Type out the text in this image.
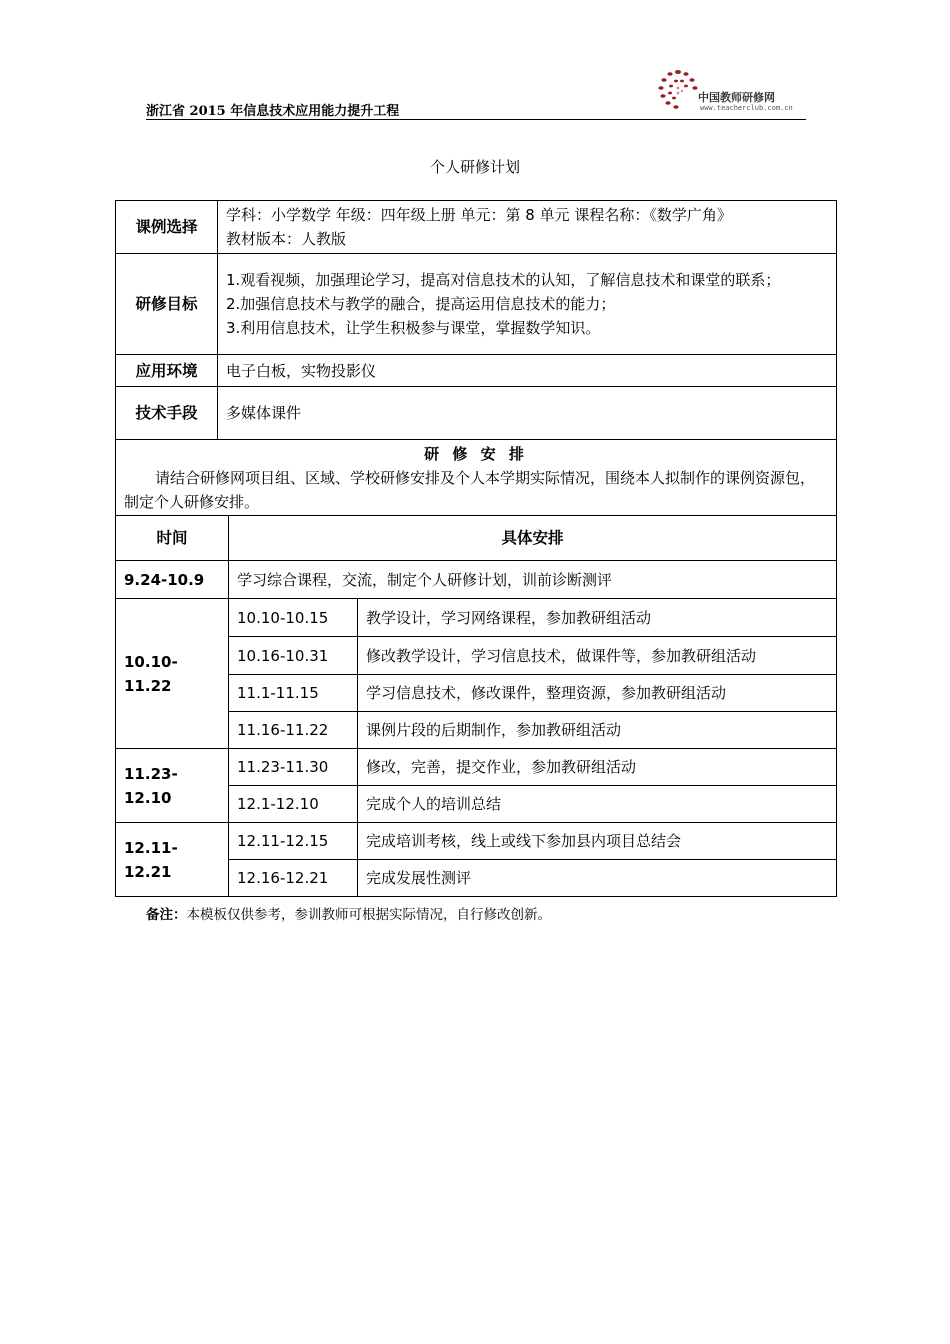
浙江省 2015 年信息技术应用能力提升工程
中国教师研修网
www.teacherclub.com.cn
个人研修计划
课例选择	学科：小学数学 年级：四年级上册 单元：第 8 单元 课程名称：《数学广角》
教材版本：人教版		

研修目标	1.观看视频，加强理论学习，提高对信息技术的认知，了解信息技术和课堂的联系；
2.加强信息技术与教学的融合，提高运用信息技术的能力；
3.利用信息技术，让学生积极参与课堂，掌握数学知识。		

应用环境	电子白板，实物投影仪		
技术手段	多媒体课件		

研 修 安 排
请结合研修网项目组、区域、学校研修安排及个人本学期实际情况，围绕本人拟制作的课例资源包，制定个人研修安排。			

时间		具体安排	
9.24-10.9		学习综合课程，交流，制定个人研修计划，训前诊断测评	
10.10-11.22		10.10-10.15	教学设计，学习网络课程，参加教研组活动
		10.16-10.31	修改教学设计，学习信息技术，做课件等，参加教研组活动
		11.1-11.15	学习信息技术，修改课件，整理资源，参加教研组活动
		11.16-11.22	课例片段的后期制作，参加教研组活动
11.23-12.10		11.23-11.30	修改，完善，提交作业，参加教研组活动
		12.1-12.10	完成个人的培训总结
12.11-12.21		12.11-12.15	完成培训考核，线上或线下参加县内项目总结会
		12.16-12.21	完成发展性测评
备注：本模板仅供参考，参训教师可根据实际情况，自行修改创新。
